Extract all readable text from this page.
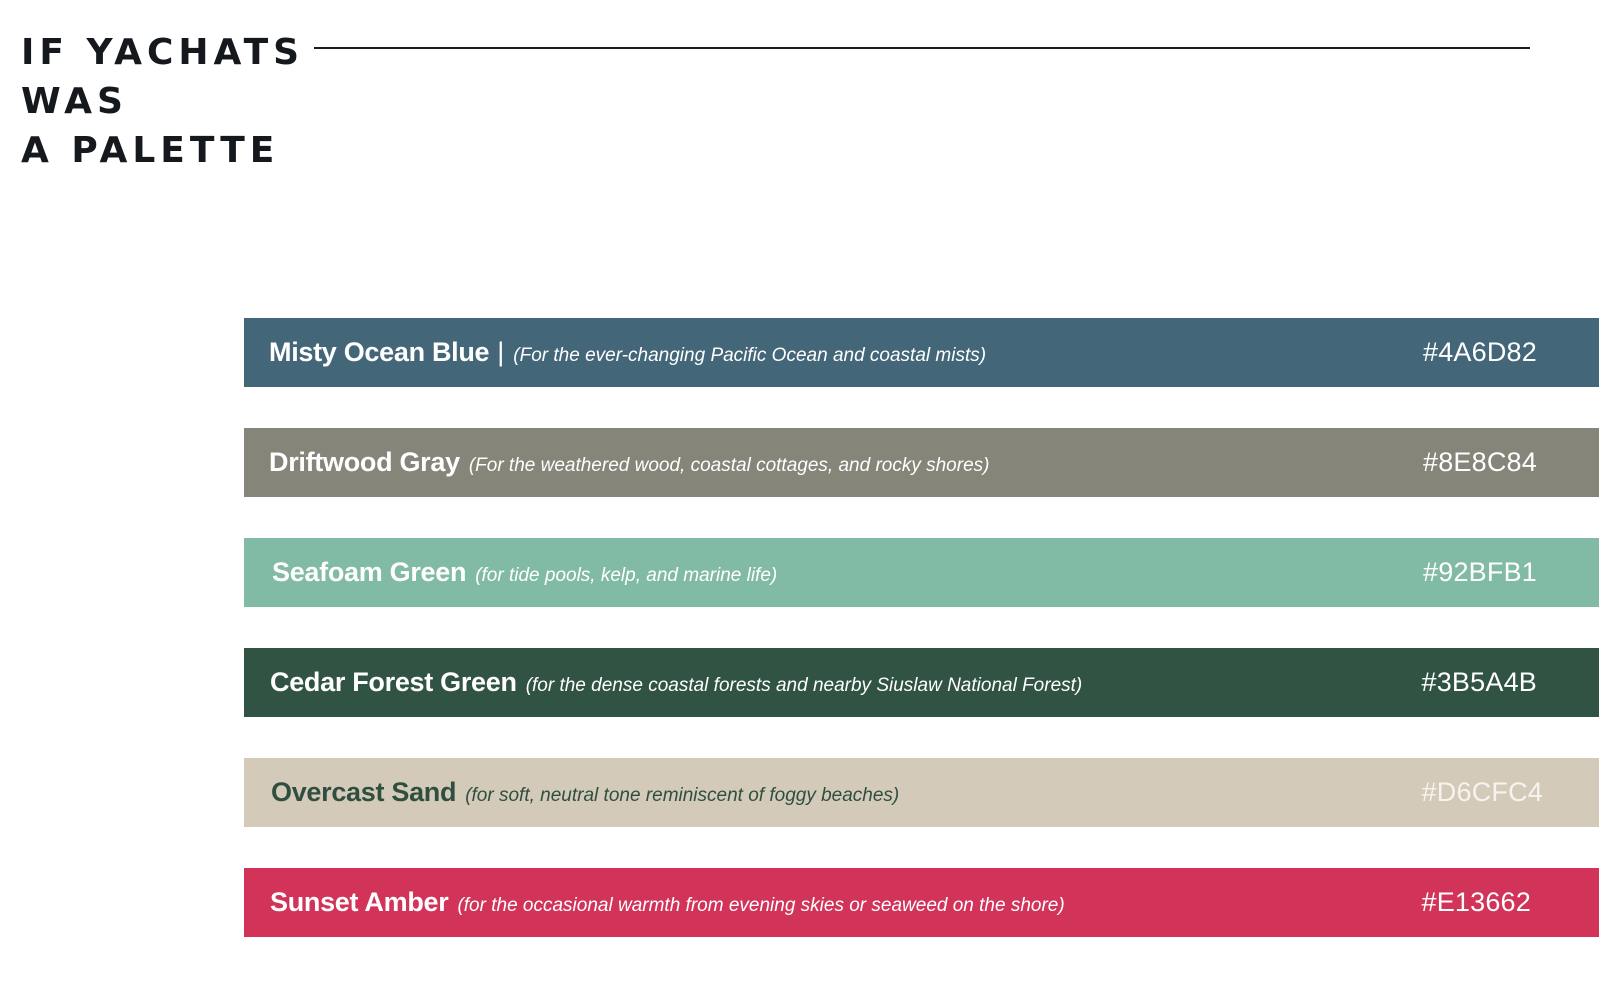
IF YACHATS
WAS
A PALETTE
Misty Ocean Blue | (For the ever-changing Pacific Ocean and coastal mists)	#4A6D82
Driftwood Gray (For the weathered wood, coastal cottages, and rocky shores)	#8E8C84
Seafoam Green (for tide pools, kelp, and marine life)	#92BFB1
Cedar Forest Green (for the dense coastal forests and nearby Siuslaw National Forest)	#3B5A4B
Overcast Sand (for soft, neutral tone reminiscent of foggy beaches)	#D6CFC4
Sunset Amber (for the occasional warmth from evening skies or seaweed on the shore)	#E13662
